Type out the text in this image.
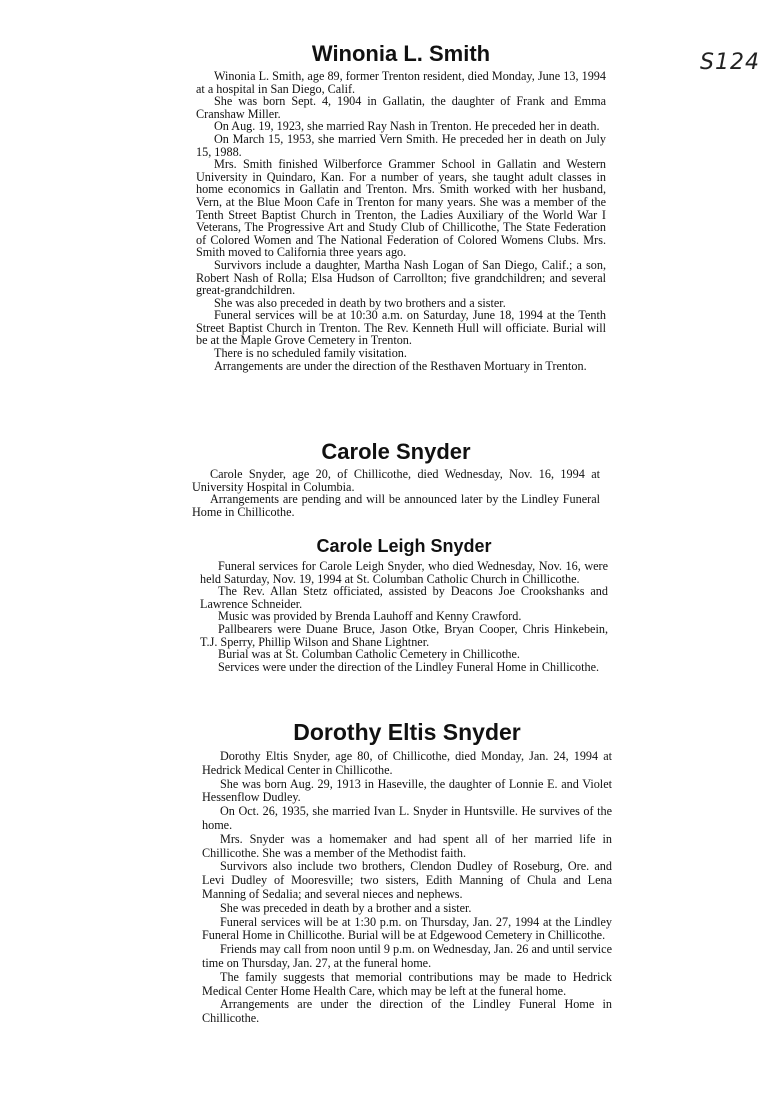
S124
Winonia L. Smith

Winonia L. Smith, age 89, former Trenton resident, died Monday, June 13, 1994 at a hospital in San Diego, Calif.

She was born Sept. 4, 1904 in Gallatin, the daughter of Frank and Emma Cranshaw Miller.

On Aug. 19, 1923, she married Ray Nash in Trenton. He preceded her in death.

On March 15, 1953, she married Vern Smith. He preceded her in death on July 15, 1988.

Mrs. Smith finished Wilberforce Grammer School in Gallatin and Western University in Quindaro, Kan. For a number of years, she taught adult classes in home economics in Gallatin and Trenton. Mrs. Smith worked with her husband, Vern, at the Blue Moon Cafe in Trenton for many years. She was a member of the Tenth Street Baptist Church in Trenton, the Ladies Auxiliary of the World War I Veterans, The Progressive Art and Study Club of Chillicothe, The State Federation of Colored Women and The National Federation of Colored Womens Clubs. Mrs. Smith moved to California three years ago.

Survivors include a daughter, Martha Nash Logan of San Diego, Calif.; a son, Robert Nash of Rolla; Elsa Hudson of Carrollton; five grandchildren; and several great-grandchildren.

She was also preceded in death by two brothers and a sister.

Funeral services will be at 10:30 a.m. on Saturday, June 18, 1994 at the Tenth Street Baptist Church in Trenton. The Rev. Kenneth Hull will officiate. Burial will be at the Maple Grove Cemetery in Trenton.

There is no scheduled family visitation.

Arrangements are under the direction of the Resthaven Mortuary in Trenton.

Carole Snyder

Carole Snyder, age 20, of Chillicothe, died Wednesday, Nov. 16, 1994 at University Hospital in Columbia.

Arrangements are pending and will be announced later by the Lindley Funeral Home in Chillicothe.

Carole Leigh Snyder

Funeral services for Carole Leigh Snyder, who died Wednesday, Nov. 16, were held Saturday, Nov. 19, 1994 at St. Columban Catholic Church in Chillicothe.

The Rev. Allan Stetz officiated, assisted by Deacons Joe Crookshanks and Lawrence Schneider.

Music was provided by Brenda Lauhoff and Kenny Crawford.

Pallbearers were Duane Bruce, Jason Otke, Bryan Cooper, Chris Hinkebein, T.J. Sperry, Phillip Wilson and Shane Lightner.

Burial was at St. Columban Catholic Cemetery in Chillicothe.

Services were under the direction of the Lindley Funeral Home in Chillicothe.

Dorothy Eltis Snyder

Dorothy Eltis Snyder, age 80, of Chillicothe, died Monday, Jan. 24, 1994 at Hedrick Medical Center in Chillicothe.

She was born Aug. 29, 1913 in Haseville, the daughter of Lonnie E. and Violet Hessenflow Dudley.

On Oct. 26, 1935, she married Ivan L. Snyder in Huntsville. He survives of the home.

Mrs. Snyder was a homemaker and had spent all of her married life in Chillicothe. She was a member of the Methodist faith.

Survivors also include two brothers, Clendon Dudley of Roseburg, Ore. and Levi Dudley of Mooresville; two sisters, Edith Manning of Chula and Lena Manning of Sedalia; and several nieces and nephews.

She was preceded in death by a brother and a sister.

Funeral services will be at 1:30 p.m. on Thursday, Jan. 27, 1994 at the Lindley Funeral Home in Chillicothe. Burial will be at Edgewood Cemetery in Chillicothe.

Friends may call from noon until 9 p.m. on Wednesday, Jan. 26 and until service time on Thursday, Jan. 27, at the funeral home.

The family suggests that memorial contributions may be made to Hedrick Medical Center Home Health Care, which may be left at the funeral home.

Arrangements are under the direction of the Lindley Funeral Home in Chillicothe.
